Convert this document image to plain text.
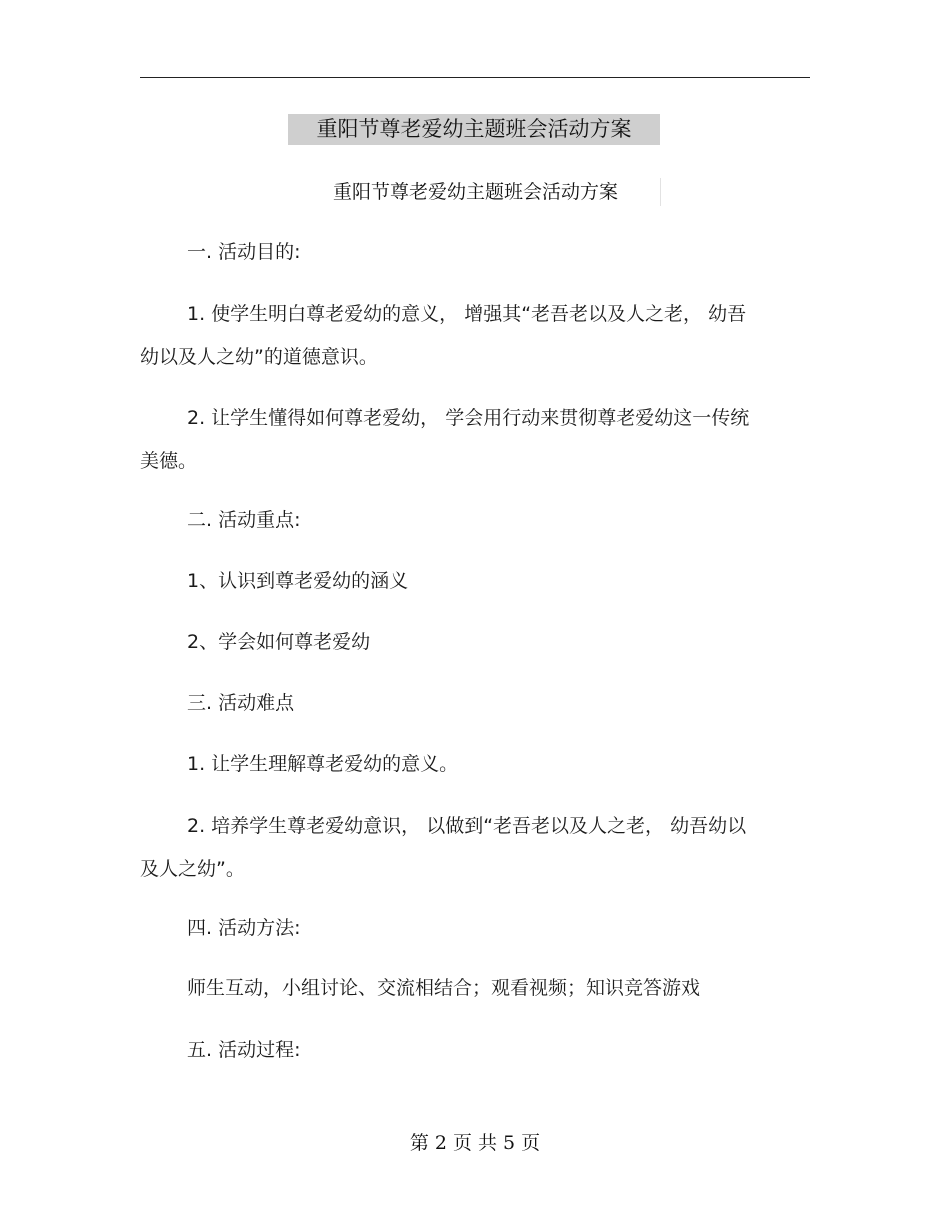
重阳节尊老爱幼主题班会活动方案
重阳节尊老爱幼主题班会活动方案
一. 活动目的:
1. 使学生明白尊老爱幼的意义， 增强其“老吾老以及人之老， 幼吾
幼以及人之幼”的道德意识。
2. 让学生懂得如何尊老爱幼， 学会用行动来贯彻尊老爱幼这一传统
美德。
二. 活动重点:
1、认识到尊老爱幼的涵义
2、学会如何尊老爱幼
三. 活动难点
1. 让学生理解尊老爱幼的意义。
2. 培养学生尊老爱幼意识， 以做到“老吾老以及人之老， 幼吾幼以
及人之幼”。
四. 活动方法:
师生互动，小组讨论、交流相结合；观看视频；知识竞答游戏
五. 活动过程:
第 2 页 共 5 页
